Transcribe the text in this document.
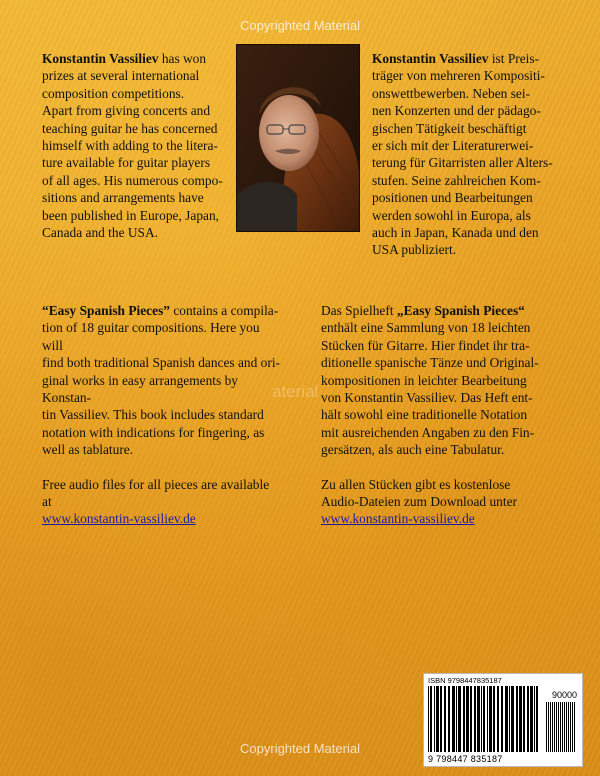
Copyrighted Material
aterial

Konstantin Vassiliev has won

prizes at several international

composition competitions.

Apart from giving concerts and

teaching guitar he has concerned

himself with adding to the litera-

ture available for guitar players

of all ages. His numerous compo-

sitions and arrangements have

been published in Europe, Japan,

Canada and the USA.

Konstantin Vassiliev ist Preis-

träger von mehreren Kompositi-

onswettbewerben. Neben sei-

nen Konzerten und der pädago-

gischen Tätigkeit beschäftigt

er sich mit der Literaturerwei-

terung für Gitarristen aller Alters-

stufen. Seine zahlreichen Kom-

positionen und Bearbeitungen

werden sowohl in Europa, als

auch in Japan, Kanada und den

USA publiziert.

“Easy Spanish Pieces” contains a compila-

tion of 18 guitar compositions. Here you will

find both traditional Spanish dances and ori-

ginal works in easy arrangements by Konstan-

tin Vassiliev. This book includes standard

notation with indications for fingering, as

well as tablature.

Free audio files for all pieces are available at

www.konstantin-vassiliev.de

Das Spielheft „Easy Spanish Pieces“

enthält eine Sammlung von 18 leichten

Stücken für Gitarre. Hier findet ihr tra-

ditionelle spanische Tänze und Original-

kompositionen in leichter Bearbeitung

von Konstantin Vassiliev. Das Heft ent-

hält sowohl eine traditionelle Notation

mit ausreichenden Angaben zu den Fin-

gersätzen, als auch eine Tabulatur.

Zu allen Stücken gibt es kostenlose

Audio-Dateien zum Download unter

www.konstantin-vassiliev.de

ISBN 9798447835187
90000
9 798447 835187
Copyrighted Material
